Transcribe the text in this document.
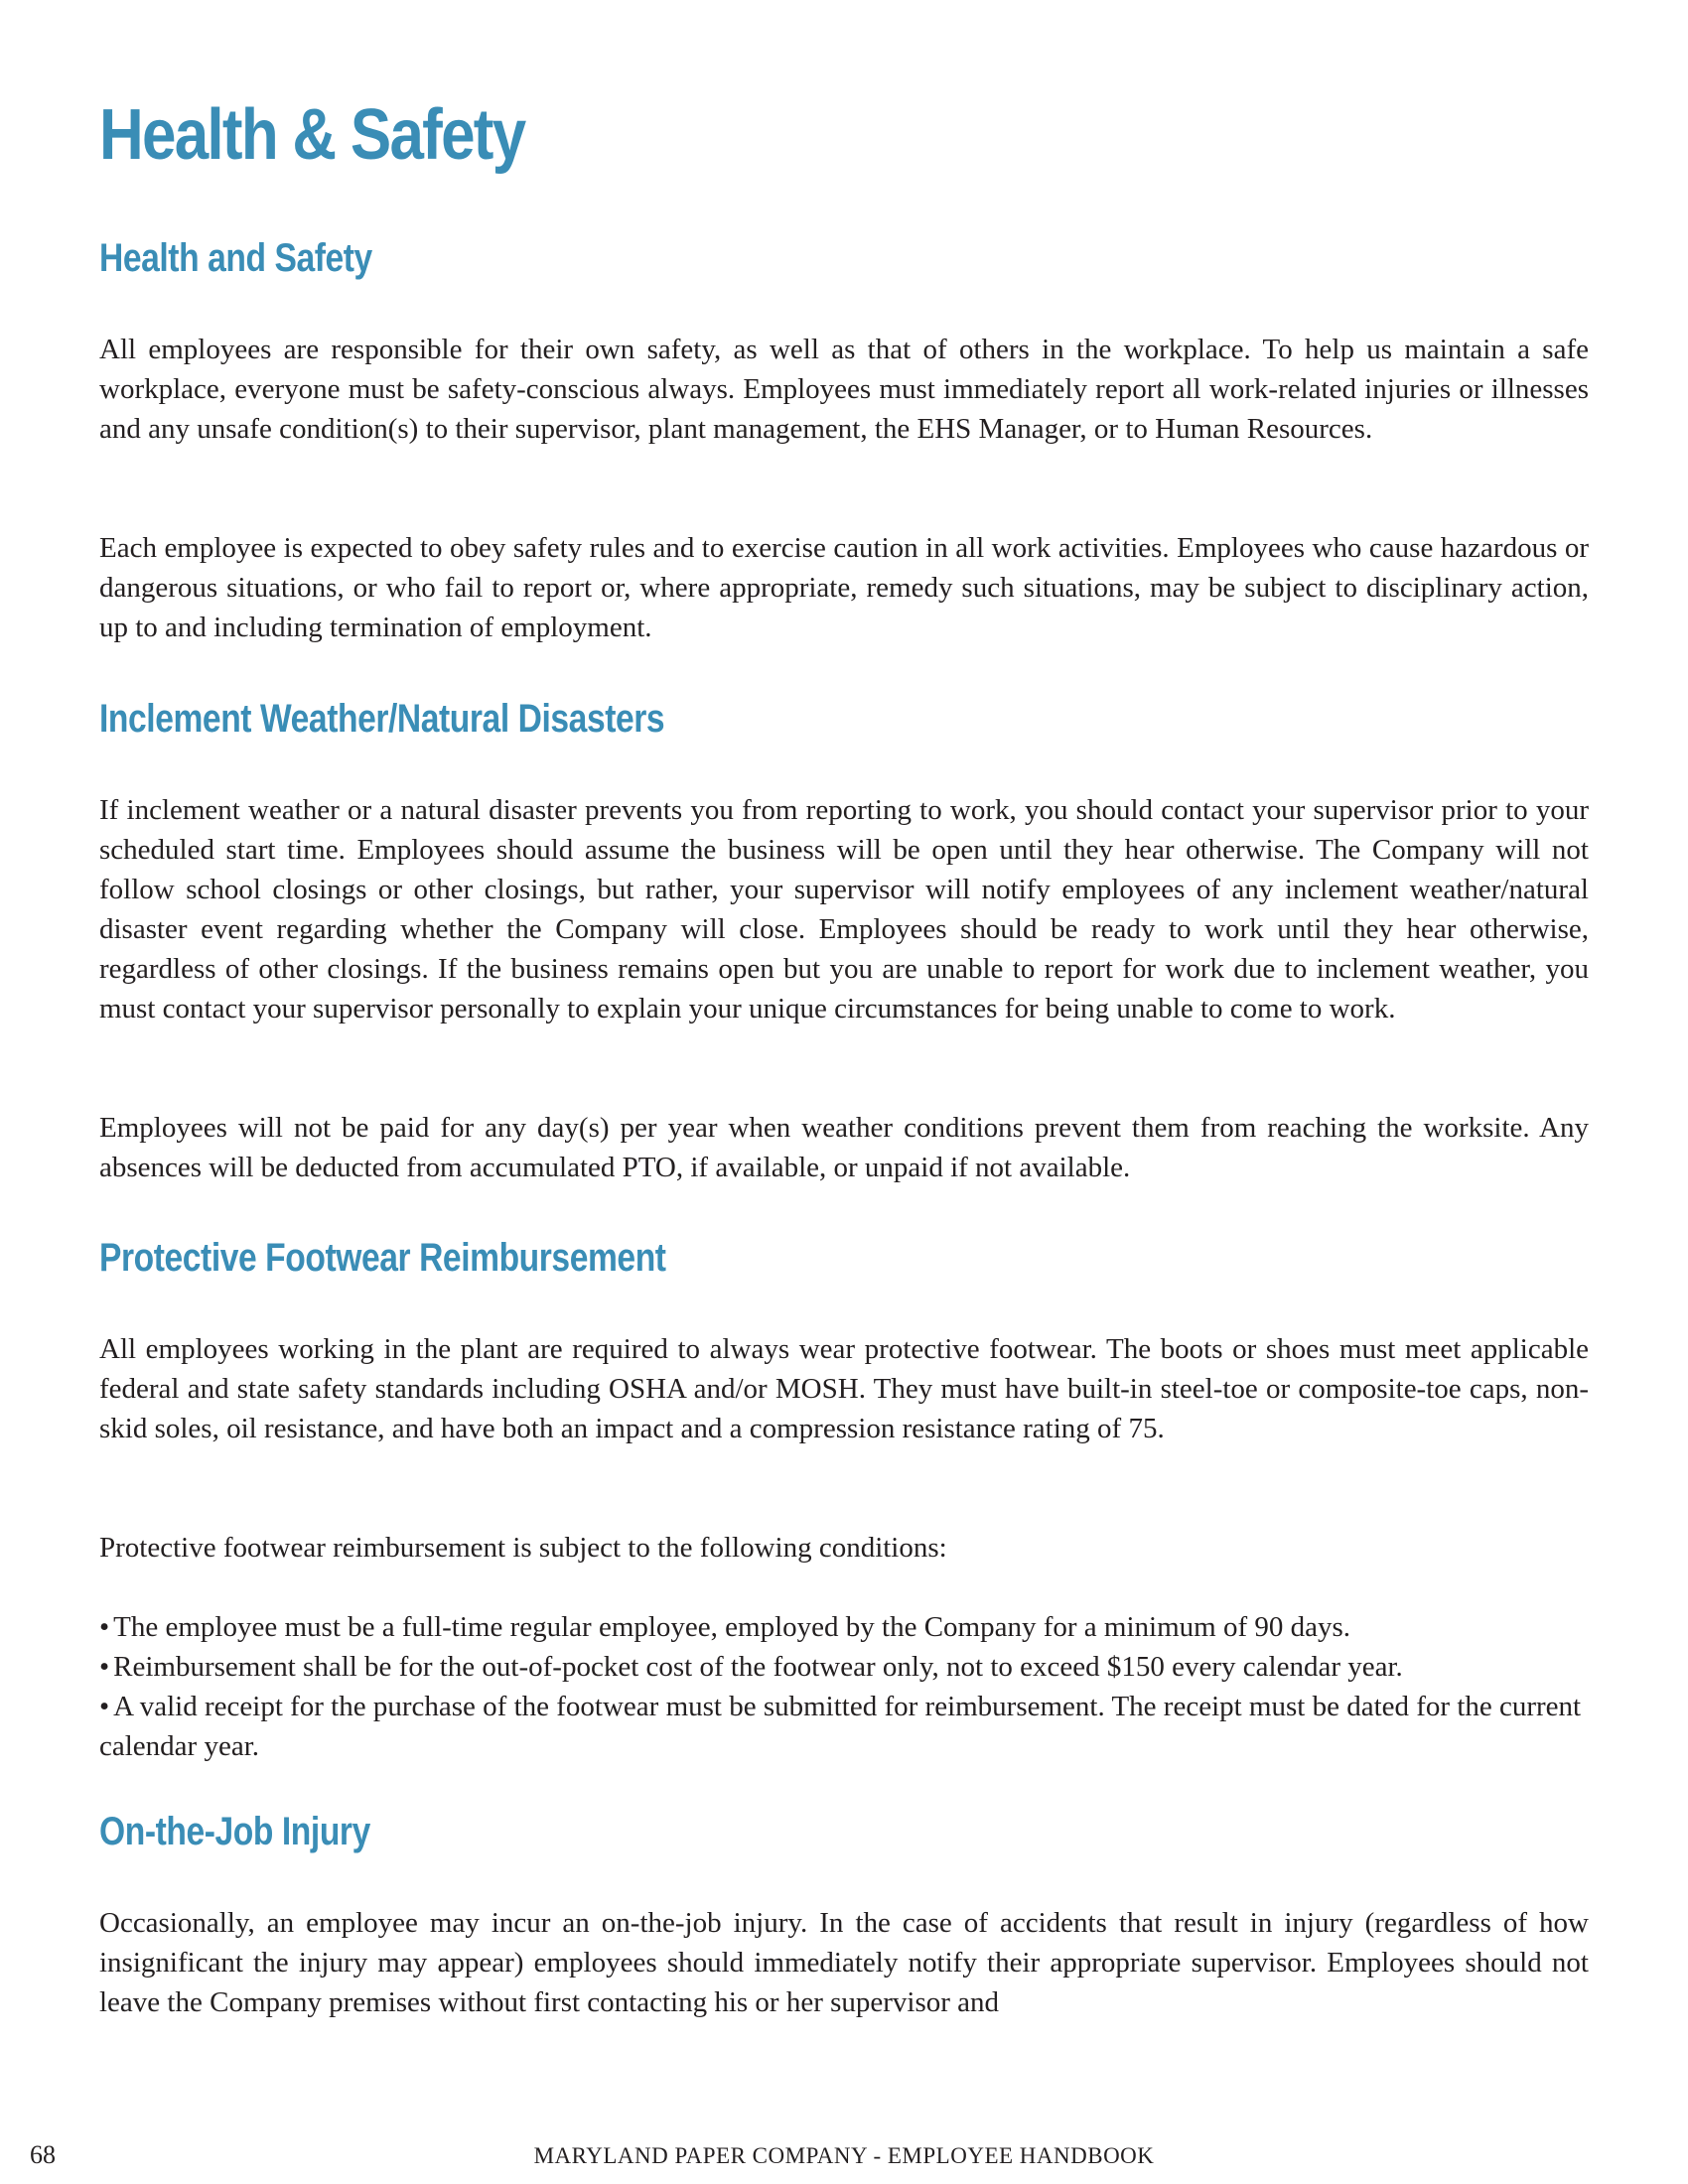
Health & Safety
Health and Safety

All employees are responsible for their own safety, as well as that of others in the workplace. To help us maintain a safe workplace, everyone must be safety-conscious always. Employees must immediately report all work-related injuries or illnesses and any unsafe condition(s) to their supervisor, plant management, the EHS Manager, or to Human Resources.

Each employee is expected to obey safety rules and to exercise caution in all work activities. Employees who cause hazardous or dangerous situations, or who fail to report or, where appropriate, remedy such situations, may be subject to disciplinary action, up to and including termination of employment.

Inclement Weather/Natural Disasters

If inclement weather or a natural disaster prevents you from reporting to work, you should contact your supervisor prior to your scheduled start time. Employees should assume the business will be open until they hear otherwise. The Company will not follow school closings or other closings, but rather, your supervisor will notify employees of any inclement weather/natural disaster event regarding whether the Company will close. Employees should be ready to work until they hear otherwise, regardless of other closings. If the business remains open but you are unable to report for work due to inclement weather, you must contact your supervisor personally to explain your unique circumstances for being unable to come to work.

Employees will not be paid for any day(s) per year when weather conditions prevent them from reaching the worksite. Any absences will be deducted from accumulated PTO, if available, or unpaid if not available.

Protective Footwear Reimbursement

All employees working in the plant are required to always wear protective footwear. The boots or shoes must meet applicable federal and state safety standards including OSHA and/or MOSH. They must have built-in steel-toe or composite-toe caps, non-skid soles, oil resistance, and have both an impact and a compression resistance rating of 75.

Protective footwear reimbursement is subject to the following conditions:

• The employee must be a full-time regular employee, employed by the Company for a minimum of 90 days.
• Reimbursement shall be for the out-of-pocket cost of the footwear only, not to exceed $150 every calendar year.
• A valid receipt for the purchase of the footwear must be submitted for reimbursement. The receipt must be dated for the current calendar year.
On-the-Job Injury

Occasionally, an employee may incur an on-the-job injury. In the case of accidents that result in injury (regardless of how insignificant the injury may appear) employees should immediately notify their appropriate supervisor. Employees should not leave the Company premises without first contacting his or her supervisor and

68	MARYLAND PAPER COMPANY - EMPLOYEE HANDBOOK
